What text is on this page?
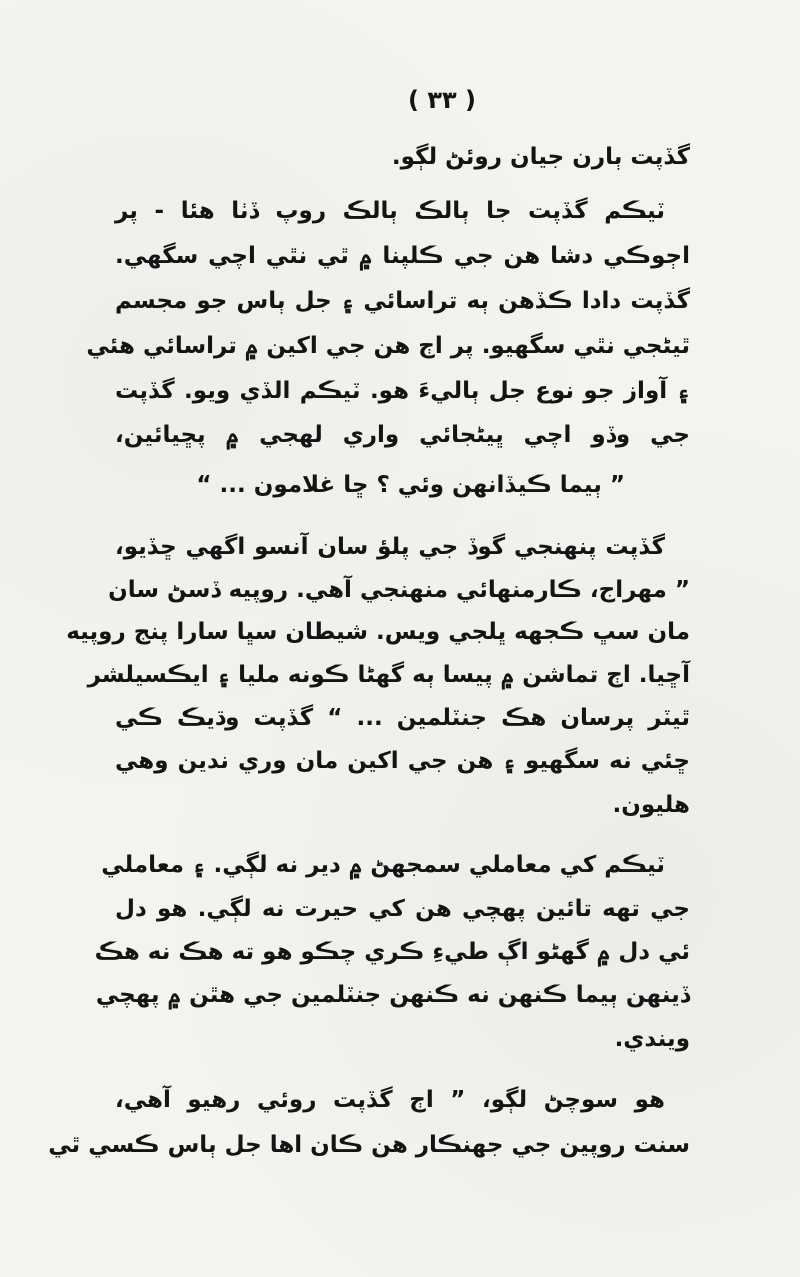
( ٣٣ )
گڏپت ٻارن جيان روئڻ لڳو.
ٽيڪم گڏپت جا ٻالڪ ٻالڪ روپ ڏٺا هئا - پر
اڄوڪي دشا هن جي ڪلپنا ۾ ٿي نٿي اچي سگهي.
گڏپت دادا ڪڏهن ٻه تراسائي ۽ جل ٻاس جو مجسم
ٿيڻجي نٿي سگهيو. پر اڄ هن جي اکين ۾ تراسائي هئي
۽ آواز جو نوع جل ٻاليءَ هو. ٽيڪم الڏي ويو. گڏپت
جي وڏو اچي ڀيڻجائي واري لهجي ۾ پڇيائين،
” ٻيما ڪيڏانهن وئي ؟ ڇا غلامون ... “
گڏپت پنهنجي گوڏ جي پلؤ سان آنسو اگهي ڇڏيو،
” مهراج، ڪارمنهائي منهنجي آهي. روپيه ڏسڻ سان
مان سڀ ڪجهه ڀلجي ويس. شيطان سڀا سارا پنج روپيه
آڇيا. اڄ تماشن ۾ پيسا ٻه گهڻا ڪونه مليا ۽ ايڪسيلشر
ٿيٽر پرسان هڪ جنٽلمين ... “ گڏپت وڌيڪ ڪي
ڇئي نه سگهيو ۽ هن جي اکين مان وري ندين وهي
هليون.
ٽيڪم کي معاملي سمجهڻ ۾ دير نه لڳي. ۽ معاملي
جي تهه تائين پهچي هن کي حيرت نه لڳي. هو دل
ئي دل ۾ گهڻو اڳ طيءِ ڪري چڪو هو ته هڪ نه هڪ
ڏينهن ٻيما ڪنهن نه ڪنهن جنٽلمين جي هٿن ۾ پهچي
ويندي.
هو سوچڻ لڳو، ” اڄ گڏپت روئي رهيو آهي،
سنت روپين جي جهنڪار هن ڪان اها جل ٻاس ڪسي ٿي
